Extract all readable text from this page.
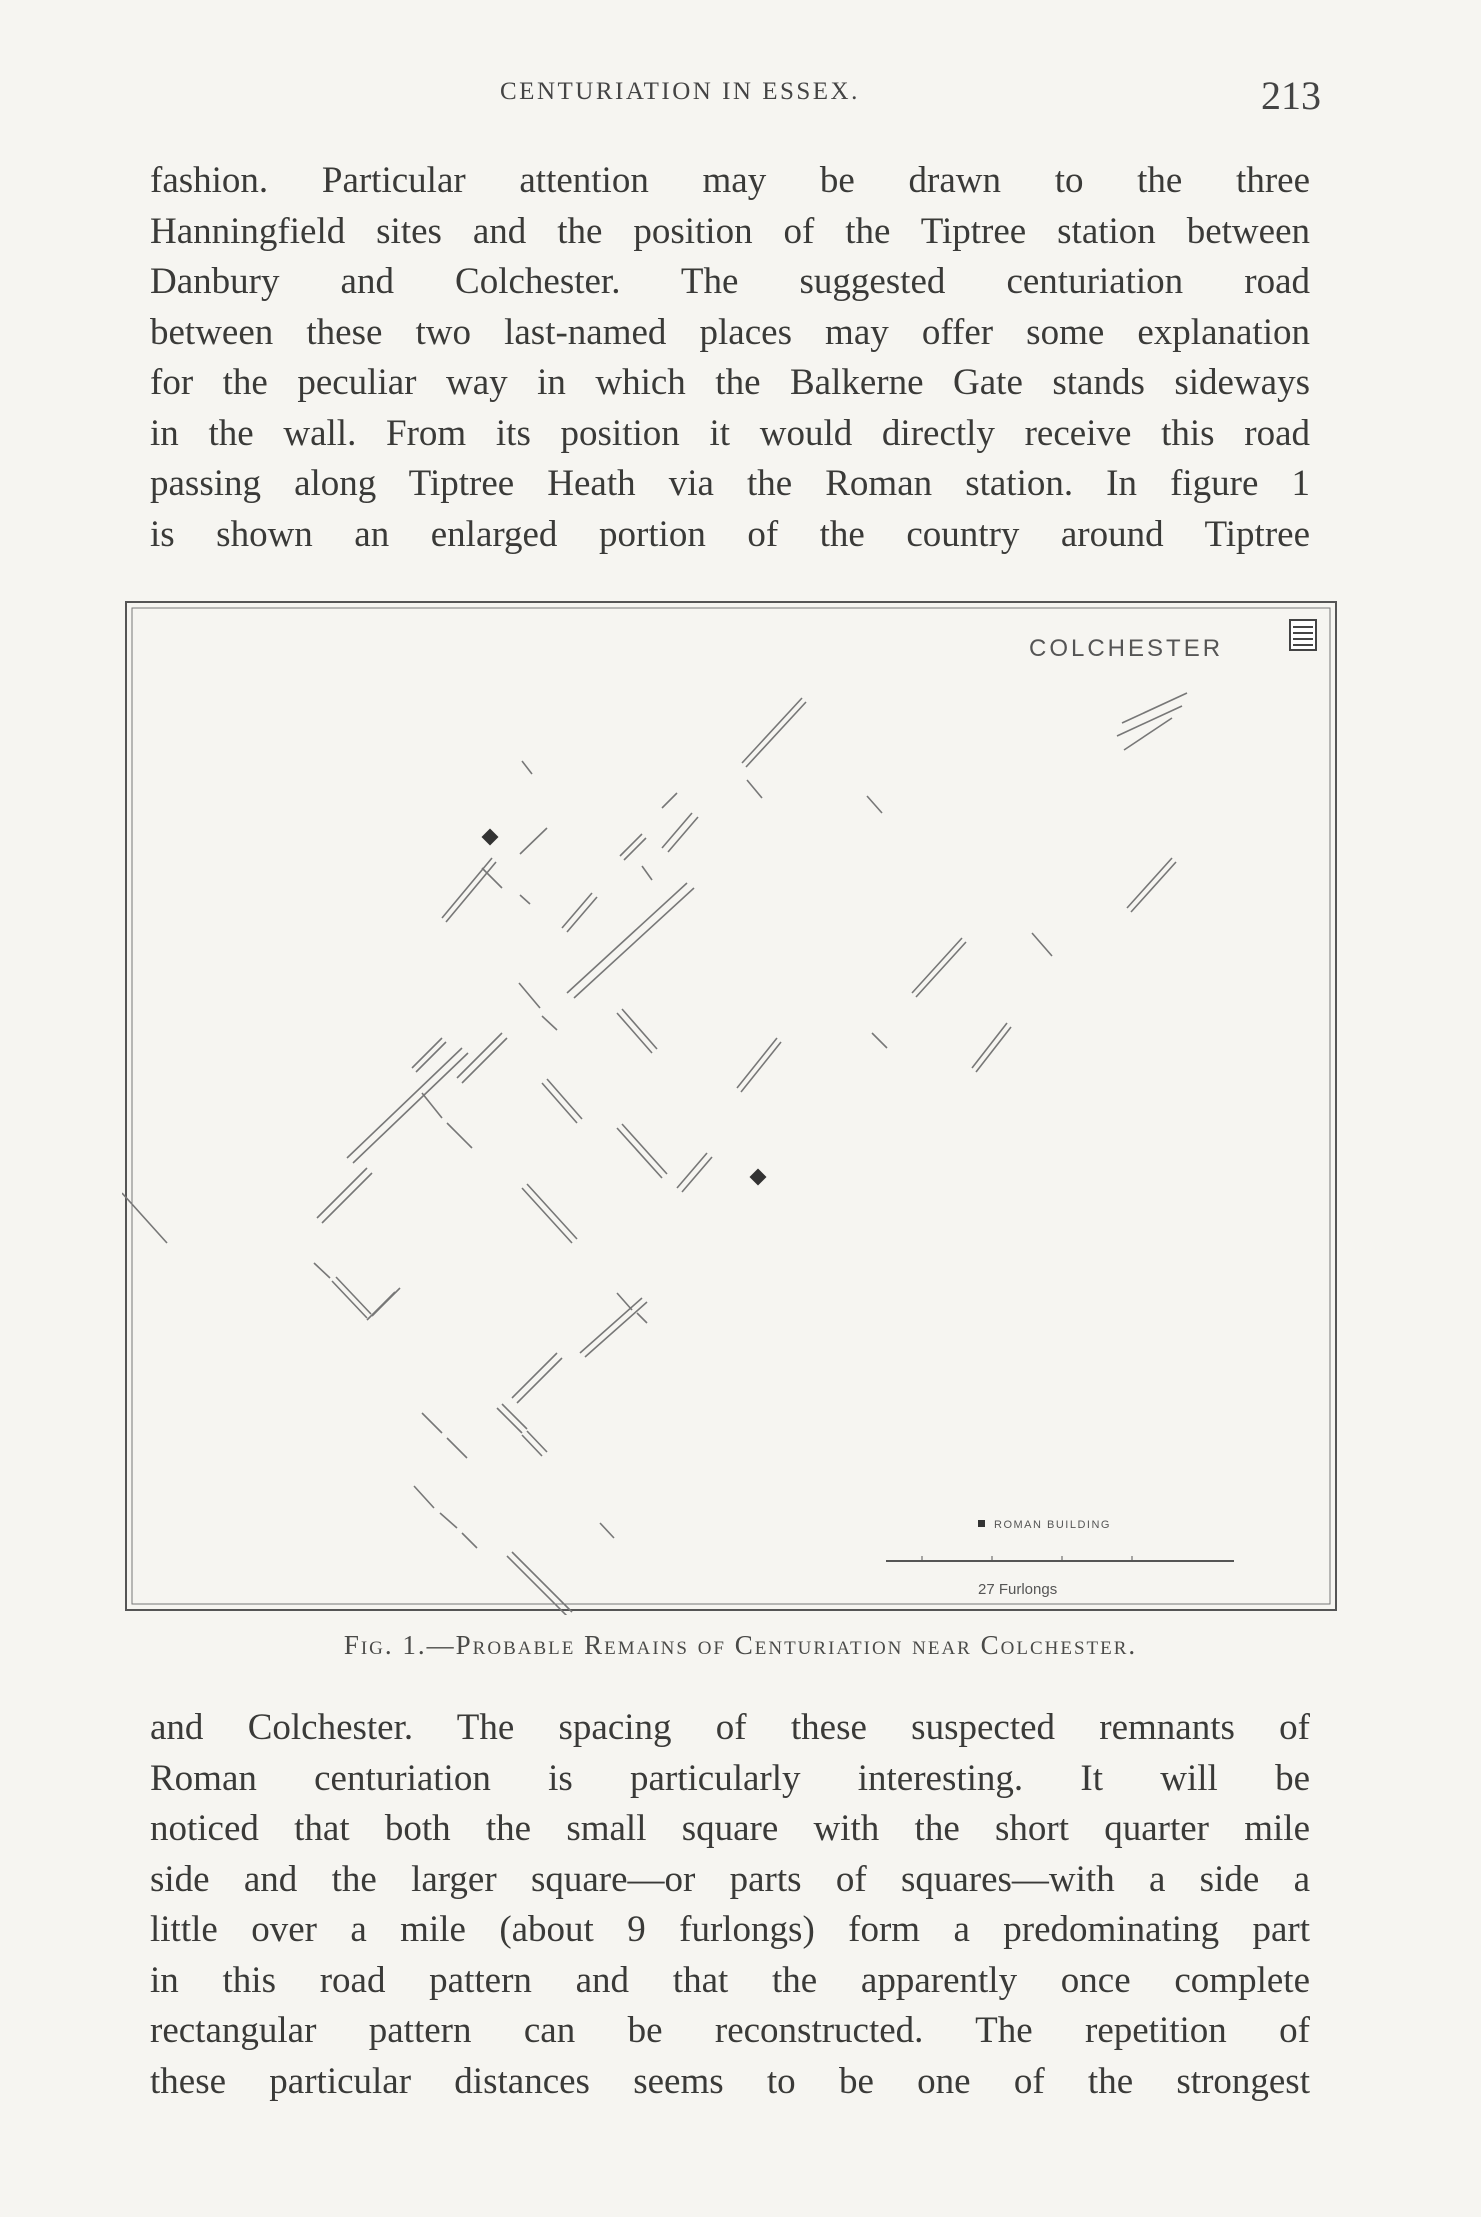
CENTURIATION IN ESSEX.	213
fashion. Particular attention may be drawn to the three
Hanningfield sites and the position of the Tiptree station between
Danbury and Colchester. The suggested centuriation road
between these two last-named places may offer some explanation
for the peculiar way in which the Balkerne Gate stands sideways
in the wall. From its position it would directly receive this road
passing along Tiptree Heath via the Roman station. In figure 1
is shown an enlarged portion of the country around Tiptree
COLCHESTER
ROMAN BUILDING
27 Furlongs
Fig. 1.—Probable Remains of Centuriation near Colchester.
and Colchester. The spacing of these suspected remnants of
Roman centuriation is particularly interesting. It will be
noticed that both the small square with the short quarter mile
side and the larger square—or parts of squares—with a side a
little over a mile (about 9 furlongs) form a predominating part
in this road pattern and that the apparently once complete
rectangular pattern can be reconstructed. The repetition of
these particular distances seems to be one of the strongest
